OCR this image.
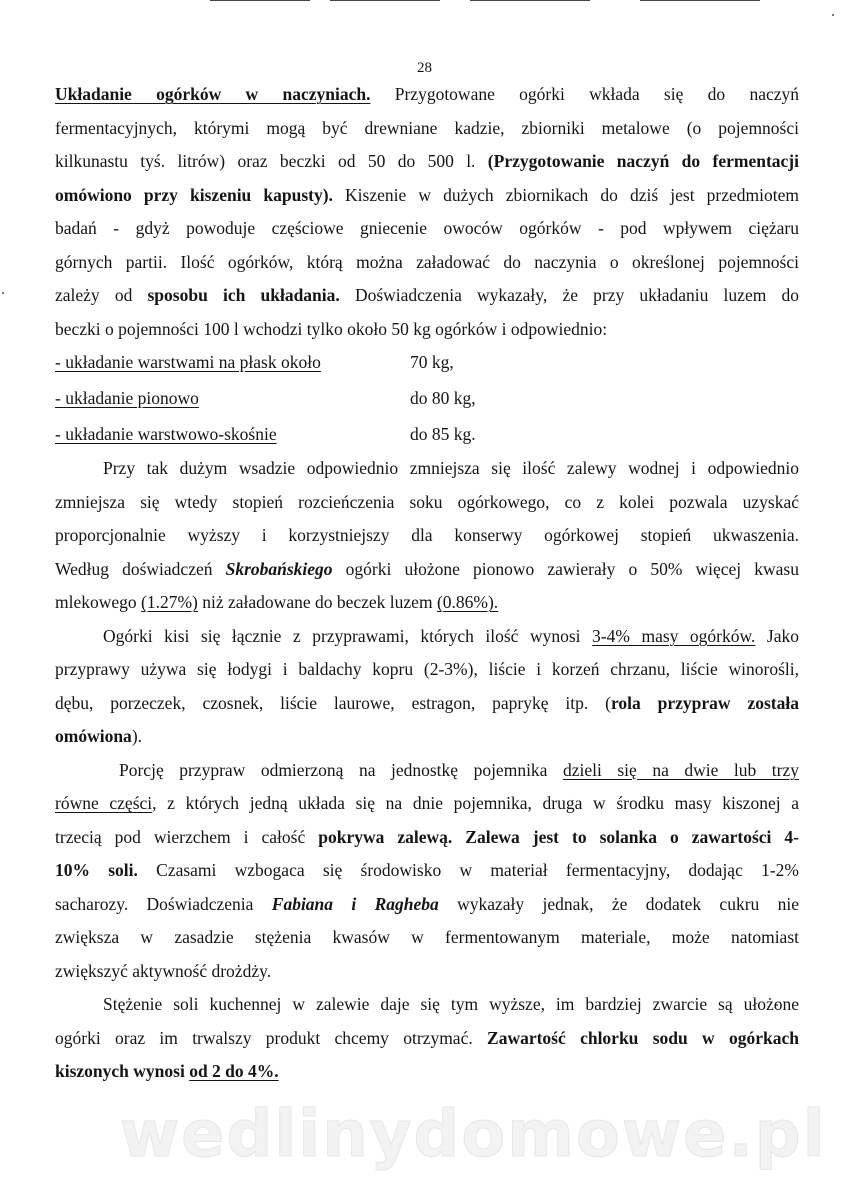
wedlinydomowe.pl
28

Układanie ogórków w naczyniach. Przygotowane ogórki wkłada się do naczyń

fermentacyjnych, którymi mogą być drewniane kadzie, zbiorniki metalowe (o pojemności

kilkunastu tyś. litrów) oraz beczki od 50 do 500 l. (Przygotowanie naczyń do fermentacji

omówiono przy kiszeniu kapusty). Kiszenie w dużych zbiornikach do dziś jest przedmiotem

badań - gdyż powoduje częściowe gniecenie owoców ogórków - pod wpływem ciężaru

górnych partii. Ilość ogórków, którą można załadować do naczynia o określonej pojemności

zależy od sposobu ich układania. Doświadczenia wykazały, że przy układaniu luzem do

beczki o pojemności 100 l wchodzi tylko około 50 kg ogórków i odpowiednio:

- układanie warstwami na płask około	70 kg,
- układanie pionowo	do 80 kg,
- układanie warstwowo-skośnie	do 85 kg.

Przy tak dużym wsadzie odpowiednio zmniejsza się ilość zalewy wodnej i odpowiednio

zmniejsza się wtedy stopień rozcieńczenia soku ogórkowego, co z kolei pozwala uzyskać

proporcjonalnie wyższy i korzystniejszy dla konserwy ogórkowej stopień ukwaszenia.

Według doświadczeń Skrobańskiego ogórki ułożone pionowo zawierały o 50% więcej kwasu

mlekowego (1.27%) niż załadowane do beczek luzem (0.86%).

Ogórki kisi się łącznie z przyprawami, których ilość wynosi 3-4% masy ogórków. Jako

przyprawy używa się łodygi i baldachy kopru (2-3%), liście i korzeń chrzanu, liście winorośli,

dębu, porzeczek, czosnek, liście laurowe, estragon, paprykę itp. (rola przypraw została

omówiona).

Porcję przypraw odmierzoną na jednostkę pojemnika dzieli się na dwie lub trzy

równe części, z których jedną układa się na dnie pojemnika, druga w środku masy kiszonej a

trzecią pod wierzchem i całość pokrywa zalewą. Zalewa jest to solanka o zawartości 4-

10% soli. Czasami wzbogaca się środowisko w materiał fermentacyjny, dodając 1-2%

sacharozy. Doświadczenia Fabiana i Ragheba wykazały jednak, że dodatek cukru nie

zwiększa w zasadzie stężenia kwasów w fermentowanym materiale, może natomiast

zwiększyć aktywność drożdży.

Stężenie soli kuchennej w zalewie daje się tym wyższe, im bardziej zwarcie są ułożone

ogórki oraz im trwalszy produkt chcemy otrzymać. Zawartość chlorku sodu w ogórkach

kiszonych wynosi od 2 do 4%.
